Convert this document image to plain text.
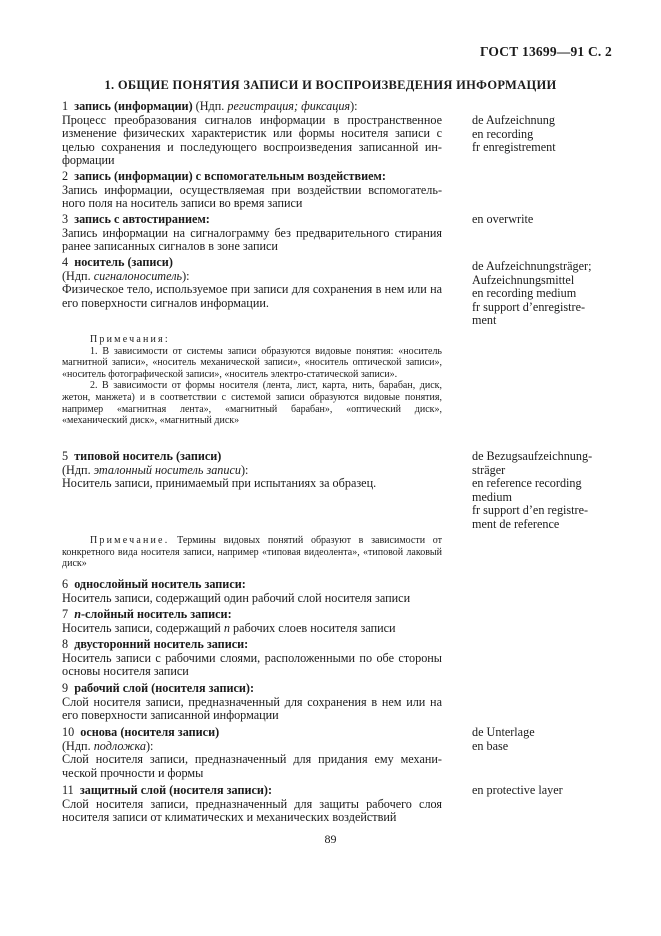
ГОСТ 13699—91 С. 2
1. ОБЩИЕ ПОНЯТИЯ ЗАПИСИ И ВОСПРОИЗВЕДЕНИЯ ИНФОРМАЦИИ

1 запись (информации) (Ндп. регистрация; фиксация):

Процесс преобразования сигналов информации в пространственное изменение физических характеристик или формы носителя записи с целью сохранения и последующего воспроизведения записанной ин-формации

de Aufzeichnung
en recording
fr enregistrement

2 запись (информации) с вспомогательным воздействием:

Запись информации, осуществляемая при воздействии вспомогатель-ного поля на носитель записи во время записи

3 запись с автостиранием:

Запись информации на сигналограмму без предварительного стирания ранее записанных сигналов в зоне записи

en overwrite

4 носитель (записи)

(Ндп. сигналоноситель):

Физическое тело, используемое при записи для сохранения в нем или на его поверхности сигналов информации.

de Aufzeichnungsträger;
Aufzeichnungsmittel
en recording medium
fr support d’enregistre-
ment
Примечания:
1. В зависимости от системы записи образуются видовые понятия: «носитель магнитной записи», «носитель механической записи», «носитель оптической записи», «носитель фотографической записи», «носитель электро-статической записи».
2. В зависимости от формы носителя (лента, лист, карта, нить, барабан, диск, жетон, манжета) и в соответствии с системой записи образуются видовые понятия, например «магнитная лента», «магнитный барабан», «оптический диск», «механический диск», «магнитный диск»

5 типовой носитель (записи)

(Ндп. эталонный носитель записи):

Носитель записи, принимаемый при испытаниях за образец.

de Bezugsaufzeichnung-
sträger
en reference recording
medium
fr support d’en registre-
ment de reference
Примечание. Термины видовых понятий образуют в зависимости от конкретного вида носителя записи, например «типовая видеолента», «типовой лаковый диск»

6 однослойный носитель записи:

Носитель записи, содержащий один рабочий слой носителя записи

7 n-слойный носитель записи:

Носитель записи, содержащий n рабочих слоев носителя записи

8 двусторонний носитель записи:

Носитель записи с рабочими слоями, расположенными по обе стороны основы носителя записи

9 рабочий слой (носителя записи):

Слой носителя записи, предназначенный для сохранения в нем или на его поверхности записанной информации

10 основа (носителя записи)

(Ндп. подложка):

Слой носителя записи, предназначенный для придания ему механи-ческой прочности и формы

de Unterlage
en base

11 защитный слой (носителя записи):

Слой носителя записи, предназначенный для защиты рабочего слоя носителя записи от климатических и механических воздействий

en protective layer
89
